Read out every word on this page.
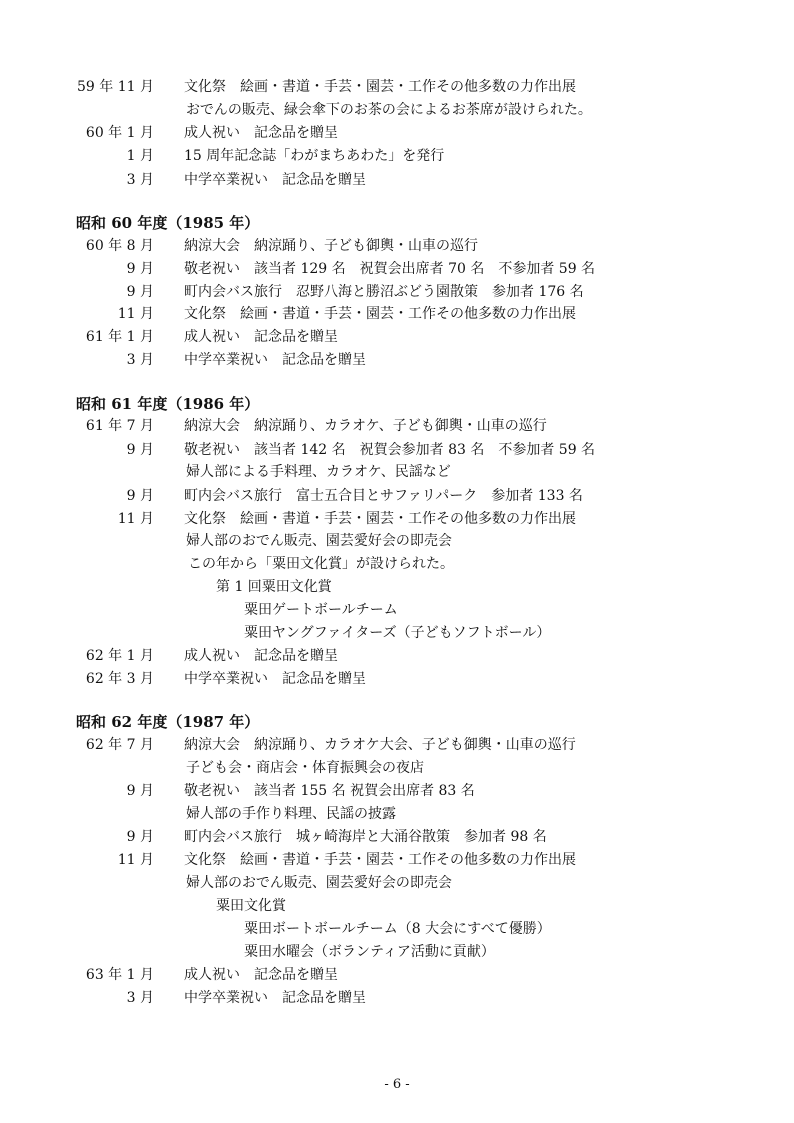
59 年 11 月 文化祭　絵画・書道・手芸・園芸・工作その他多数の力作出展
おでんの販売、緑会傘下のお茶の会によるお茶席が設けられた。
60 年 1 月 成人祝い　記念品を贈呈
1 月 15 周年記念誌「わがまちあわた」を発行
3 月 中学卒業祝い　記念品を贈呈
昭和 60 年度（1985 年）
60 年 8 月 納涼大会　納涼踊り、子ども御輿・山車の巡行
9 月 敬老祝い　該当者 129 名　祝賀会出席者 70 名　不参加者 59 名
9 月 町内会バス旅行　忍野八海と勝沼ぶどう園散策　参加者 176 名
11 月 文化祭　絵画・書道・手芸・園芸・工作その他多数の力作出展
61 年 1 月 成人祝い　記念品を贈呈
3 月 中学卒業祝い　記念品を贈呈
昭和 61 年度（1986 年）
61 年 7 月 納涼大会　納涼踊り、カラオケ、子ども御輿・山車の巡行
9 月 敬老祝い　該当者 142 名　祝賀会参加者 83 名　不参加者 59 名
婦人部による手料理、カラオケ、民謡など
9 月 町内会バス旅行　富士五合目とサファリパーク　参加者 133 名
11 月 文化祭　絵画・書道・手芸・園芸・工作その他多数の力作出展
婦人部のおでん販売、園芸愛好会の即売会
この年から「粟田文化賞」が設けられた。
第 1 回粟田文化賞
粟田ゲートボールチーム
粟田ヤングファイターズ（子どもソフトボール）
62 年 1 月 成人祝い　記念品を贈呈
62 年 3 月 中学卒業祝い　記念品を贈呈
昭和 62 年度（1987 年）
62 年 7 月 納涼大会　納涼踊り、カラオケ大会、子ども御輿・山車の巡行
子ども会・商店会・体育振興会の夜店
9 月 敬老祝い　該当者 155 名 祝賀会出席者 83 名
婦人部の手作り料理、民謡の披露
9 月 町内会バス旅行　城ヶ崎海岸と大涌谷散策　参加者 98 名
11 月 文化祭　絵画・書道・手芸・園芸・工作その他多数の力作出展
婦人部のおでん販売、園芸愛好会の即売会
粟田文化賞
粟田ボートボールチーム（8 大会にすべて優勝）
粟田水曜会（ボランティア活動に貢献）
63 年 1 月 成人祝い　記念品を贈呈
3 月 中学卒業祝い　記念品を贈呈
- 6 -
